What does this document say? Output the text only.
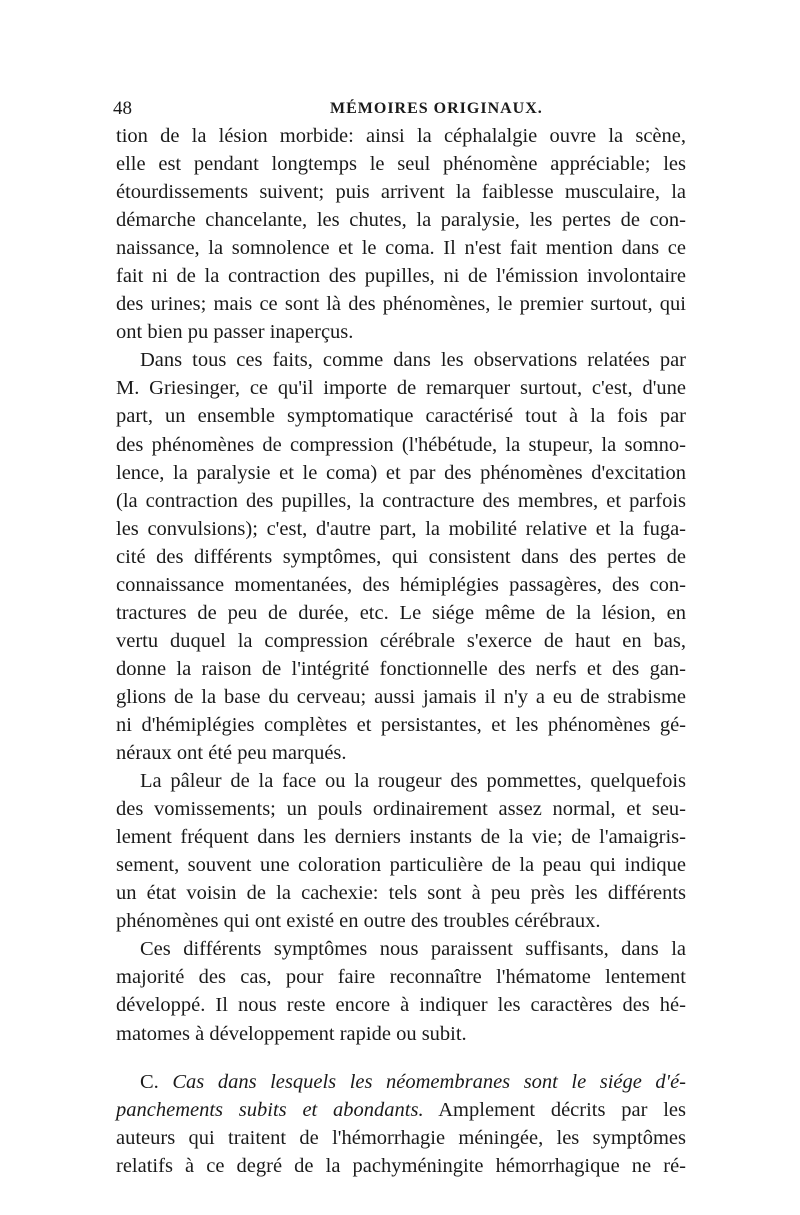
48	MÉMOIRES ORIGINAUX.
tion de la lésion morbide: ainsi la céphalalgie ouvre la scène,
elle est pendant longtemps le seul phénomène appréciable; les
étourdissements suivent; puis arrivent la faiblesse musculaire, la
démarche chancelante, les chutes, la paralysie, les pertes de con-
naissance, la somnolence et le coma. Il n'est fait mention dans ce
fait ni de la contraction des pupilles, ni de l'émission involontaire
des urines; mais ce sont là des phénomènes, le premier surtout, qui
ont bien pu passer inaperçus.
Dans tous ces faits, comme dans les observations relatées par
M. Griesinger, ce qu'il importe de remarquer surtout, c'est, d'une
part, un ensemble symptomatique caractérisé tout à la fois par
des phénomènes de compression (l'hébétude, la stupeur, la somno-
lence, la paralysie et le coma) et par des phénomènes d'excitation
(la contraction des pupilles, la contracture des membres, et parfois
les convulsions); c'est, d'autre part, la mobilité relative et la fuga-
cité des différents symptômes, qui consistent dans des pertes de
connaissance momentanées, des hémiplégies passagères, des con-
tractures de peu de durée, etc. Le siége même de la lésion, en
vertu duquel la compression cérébrale s'exerce de haut en bas,
donne la raison de l'intégrité fonctionnelle des nerfs et des gan-
glions de la base du cerveau; aussi jamais il n'y a eu de strabisme
ni d'hémiplégies complètes et persistantes, et les phénomènes gé-
néraux ont été peu marqués.
La pâleur de la face ou la rougeur des pommettes, quelquefois
des vomissements; un pouls ordinairement assez normal, et seu-
lement fréquent dans les derniers instants de la vie; de l'amaigris-
sement, souvent une coloration particulière de la peau qui indique
un état voisin de la cachexie: tels sont à peu près les différents
phénomènes qui ont existé en outre des troubles cérébraux.
Ces différents symptômes nous paraissent suffisants, dans la
majorité des cas, pour faire reconnaître l'hématome lentement
développé. Il nous reste encore à indiquer les caractères des hé-
matomes à développement rapide ou subit.
C. Cas dans lesquels les néomembranes sont le siége d'é-
panchements subits et abondants. Amplement décrits par les
auteurs qui traitent de l'hémorrhagie méningée, les symptômes
relatifs à ce degré de la pachyméningite hémorrhagique ne ré-
